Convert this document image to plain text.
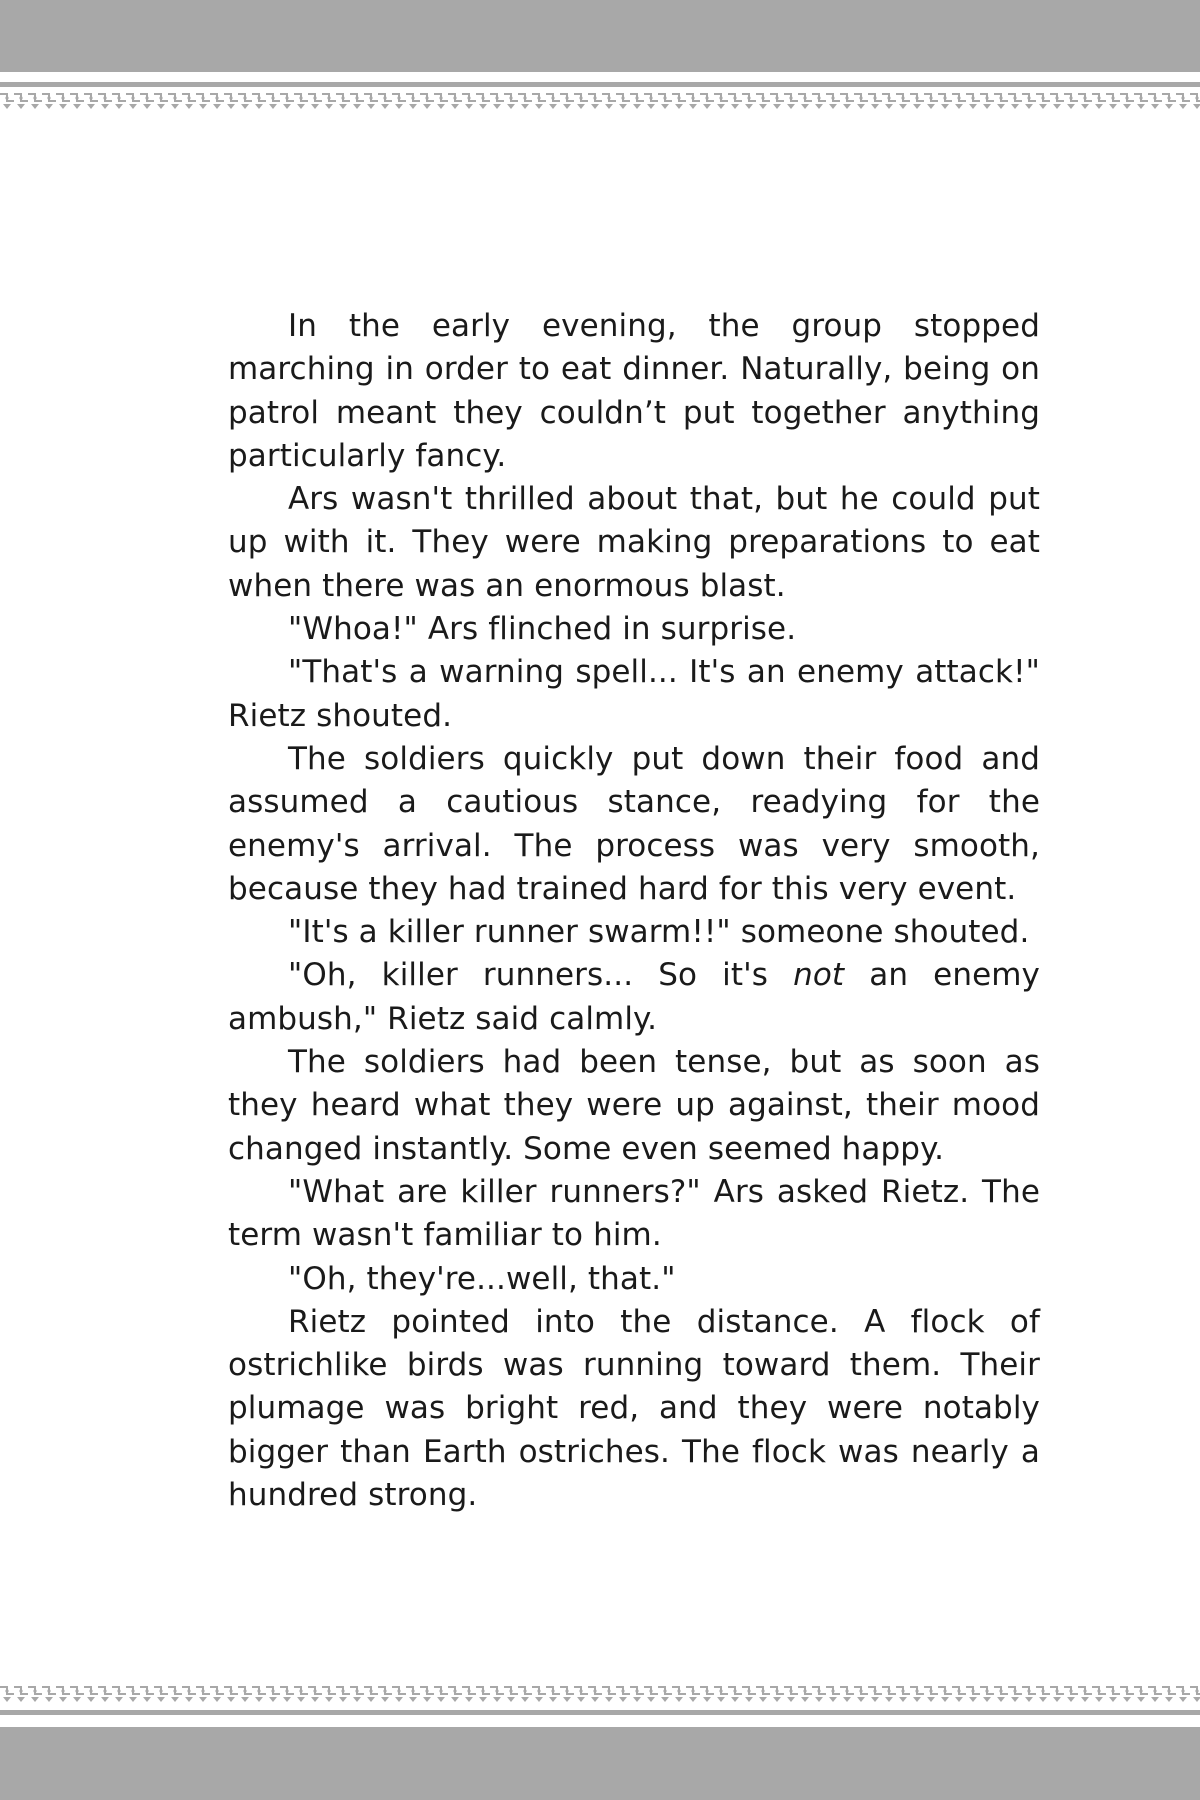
In the early evening, the group stopped marching in order to eat dinner. Naturally, being on patrol meant they couldn’t put together anything particularly fancy.

Ars wasn't thrilled about that, but he could put up with it. They were making preparations to eat when there was an enormous blast.

"Whoa!" Ars flinched in surprise.

"That's a warning spell... It's an enemy attack!" Rietz shouted.

The soldiers quickly put down their food and assumed a cautious stance, readying for the enemy's arrival. The process was very smooth, because they had trained hard for this very event.

"It's a killer runner swarm!!" someone shouted.

"Oh, killer runners... So it's not an enemy ambush," Rietz said calmly.

The soldiers had been tense, but as soon as they heard what they were up against, their mood changed instantly. Some even seemed happy.

"What are killer runners?" Ars asked Rietz. The term wasn't familiar to him.

"Oh, they're...well, that."

Rietz pointed into the distance. A flock of ostrichlike birds was running toward them. Their plumage was bright red, and they were notably bigger than Earth ostriches. The flock was nearly a hundred strong.
